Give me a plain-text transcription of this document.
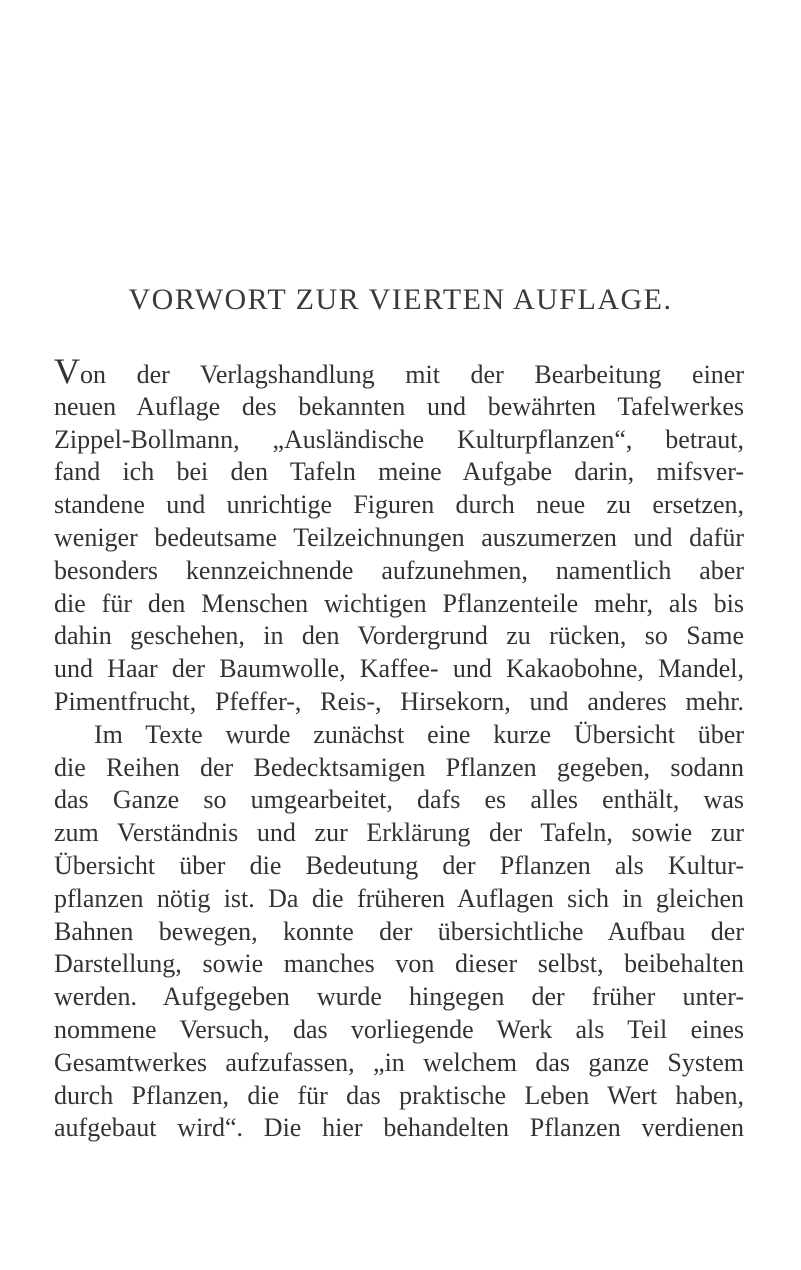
VORWORT ZUR VIERTEN AUFLAGE.
Von der Verlagshandlung mit der Bearbeitung einer
neuen Auflage des bekannten und bewährten Tafelwerkes
Zippel-Bollmann, „Ausländische Kulturpflanzen“, betraut,
fand ich bei den Tafeln meine Aufgabe darin, mifsver-
standene und unrichtige Figuren durch neue zu ersetzen,
weniger bedeutsame Teilzeichnungen auszumerzen und dafür
besonders kennzeichnende aufzunehmen, namentlich aber
die für den Menschen wichtigen Pflanzenteile mehr, als bis
dahin geschehen, in den Vordergrund zu rücken, so Same
und Haar der Baumwolle, Kaffee- und Kakaobohne, Mandel,
Pimentfrucht, Pfeffer-, Reis-, Hirsekorn, und anderes mehr.
Im Texte wurde zunächst eine kurze Übersicht über
die Reihen der Bedecktsamigen Pflanzen gegeben, sodann
das Ganze so umgearbeitet, dafs es alles enthält, was
zum Verständnis und zur Erklärung der Tafeln, sowie zur
Übersicht über die Bedeutung der Pflanzen als Kultur-
pflanzen nötig ist. Da die früheren Auflagen sich in gleichen
Bahnen bewegen, konnte der übersichtliche Aufbau der
Darstellung, sowie manches von dieser selbst, beibehalten
werden. Aufgegeben wurde hingegen der früher unter-
nommene Versuch, das vorliegende Werk als Teil eines
Gesamtwerkes aufzufassen, „in welchem das ganze System
durch Pflanzen, die für das praktische Leben Wert haben,
aufgebaut wird“. Die hier behandelten Pflanzen verdienen
